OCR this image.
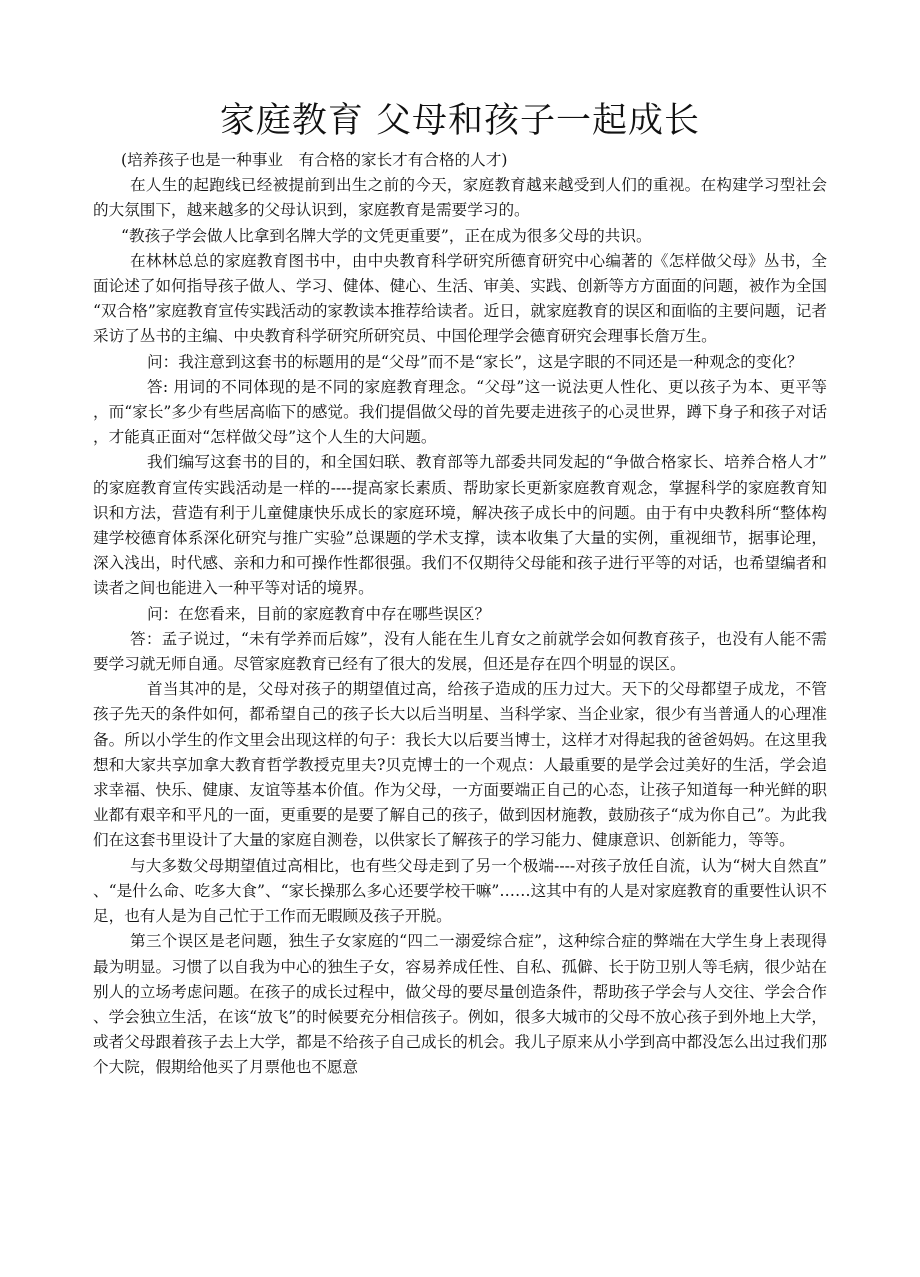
家庭教育 父母和孩子一起成长

(培养孩子也是一种事业　有合格的家长才有合格的人才)

在人生的起跑线已经被提前到出生之前的今天，家庭教育越来越受到人们的重视。在构建学习型社会的大氛围下，越来越多的父母认识到，家庭教育是需要学习的。

“教孩子学会做人比拿到名牌大学的文凭更重要”，正在成为很多父母的共识。

在林林总总的家庭教育图书中，由中央教育科学研究所德育研究中心编著的《怎样做父母》丛书，全面论述了如何指导孩子做人、学习、健体、健心、生活、审美、实践、创新等方方面面的问题，被作为全国“双合格”家庭教育宣传实践活动的家教读本推荐给读者。近日，就家庭教育的误区和面临的主要问题，记者采访了丛书的主编、中央教育科学研究所研究员、中国伦理学会德育研究会理事长詹万生。

问：我注意到这套书的标题用的是“父母”而不是“家长”，这是字眼的不同还是一种观念的变化？

答: 用词的不同体现的是不同的家庭教育理念。“父母”这一说法更人性化、更以孩子为本、更平等，而“家长”多少有些居高临下的感觉。我们提倡做父母的首先要走进孩子的心灵世界，蹲下身子和孩子对话，才能真正面对“怎样做父母”这个人生的大问题。

我们编写这套书的目的，和全国妇联、教育部等九部委共同发起的“争做合格家长、培养合格人才”的家庭教育宣传实践活动是一样的----提高家长素质、帮助家长更新家庭教育观念，掌握科学的家庭教育知识和方法，营造有利于儿童健康快乐成长的家庭环境，解决孩子成长中的问题。由于有中央教科所“整体构建学校德育体系深化研究与推广实验”总课题的学术支撑，读本收集了大量的实例，重视细节，据事论理，深入浅出，时代感、亲和力和可操作性都很强。我们不仅期待父母能和孩子进行平等的对话，也希望编者和读者之间也能进入一种平等对话的境界。

问：在您看来，目前的家庭教育中存在哪些误区？

答：孟子说过，“未有学养而后嫁”，没有人能在生儿育女之前就学会如何教育孩子，也没有人能不需要学习就无师自通。尽管家庭教育已经有了很大的发展，但还是存在四个明显的误区。

首当其冲的是，父母对孩子的期望值过高，给孩子造成的压力过大。天下的父母都望子成龙，不管孩子先天的条件如何，都希望自己的孩子长大以后当明星、当科学家、当企业家，很少有当普通人的心理准备。所以小学生的作文里会出现这样的句子：我长大以后要当博士，这样才对得起我的爸爸妈妈。在这里我想和大家共享加拿大教育哲学教授克里夫?贝克博士的一个观点：人最重要的是学会过美好的生活，学会追求幸福、快乐、健康、友谊等基本价值。作为父母，一方面要端正自己的心态，让孩子知道每一种光鲜的职业都有艰辛和平凡的一面，更重要的是要了解自己的孩子，做到因材施教，鼓励孩子“成为你自己”。为此我们在这套书里设计了大量的家庭自测卷，以供家长了解孩子的学习能力、健康意识、创新能力，等等。

与大多数父母期望值过高相比，也有些父母走到了另一个极端----对孩子放任自流，认为“树大自然直”、“是什么命、吃多大食”、“家长操那么多心还要学校干嘛”……这其中有的人是对家庭教育的重要性认识不足，也有人是为自己忙于工作而无暇顾及孩子开脱。

第三个误区是老问题，独生子女家庭的“四二一溺爱综合症”，这种综合症的弊端在大学生身上表现得最为明显。习惯了以自我为中心的独生子女，容易养成任性、自私、孤僻、长于防卫别人等毛病，很少站在别人的立场考虑问题。在孩子的成长过程中，做父母的要尽量创造条件，帮助孩子学会与人交往、学会合作、学会独立生活，在该“放飞”的时候要充分相信孩子。例如，很多大城市的父母不放心孩子到外地上大学，或者父母跟着孩子去上大学，都是不给孩子自己成长的机会。我儿子原来从小学到高中都没怎么出过我们那个大院，假期给他买了月票他也不愿意
